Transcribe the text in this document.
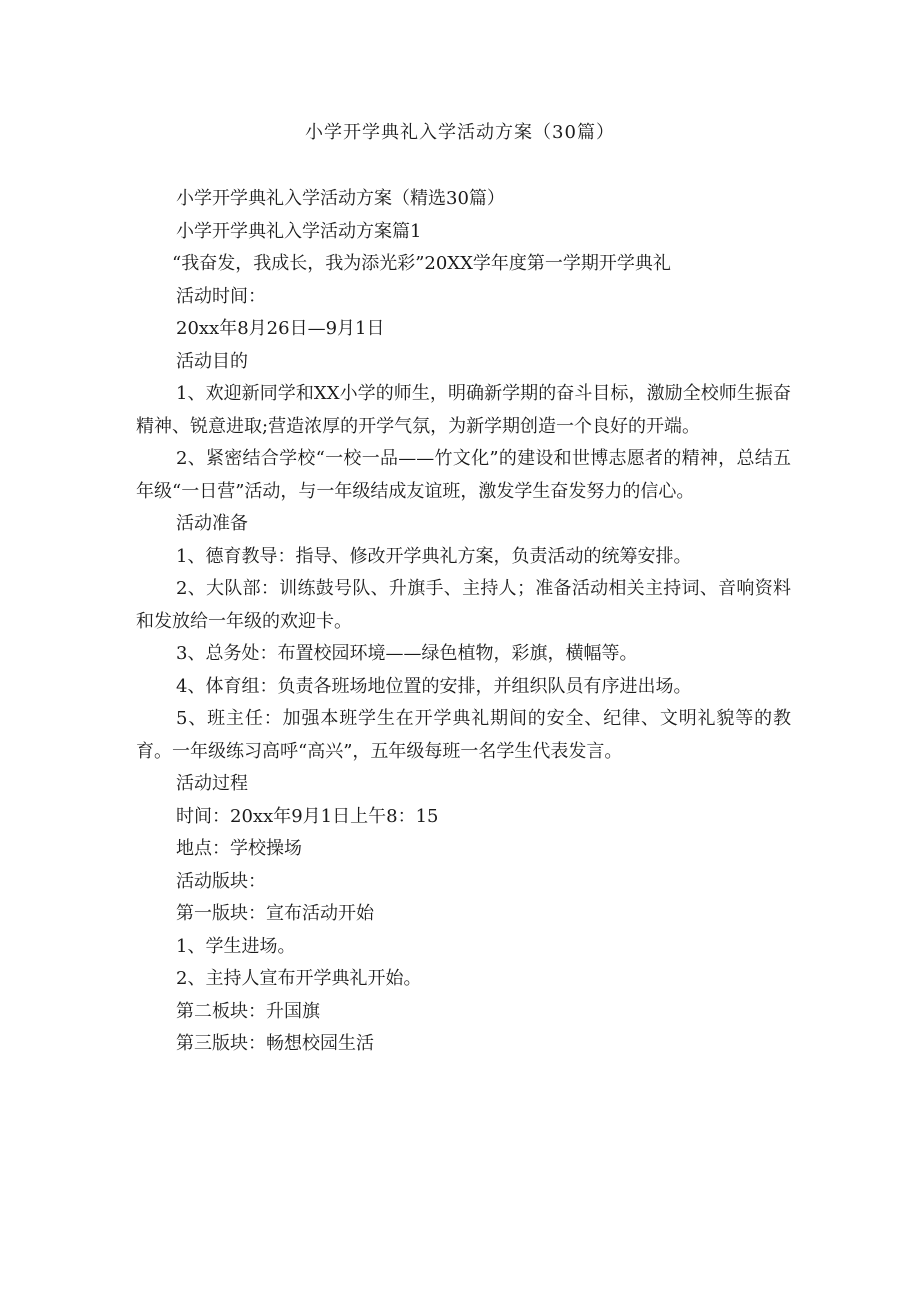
小学开学典礼入学活动方案（30篇）

小学开学典礼入学活动方案（精选30篇）

小学开学典礼入学活动方案篇1

“我奋发，我成长，我为添光彩”20XX学年度第一学期开学典礼

活动时间：

20xx年8月26日—9月1日

活动目的

1、欢迎新同学和XX小学的师生，明确新学期的奋斗目标，激励全校师生振奋精神、锐意进取;营造浓厚的开学气氛，为新学期创造一个良好的开端。

2、紧密结合学校“一校一品——竹文化”的建设和世博志愿者的精神，总结五年级“一日营”活动，与一年级结成友谊班，激发学生奋发努力的信心。

活动准备

1、德育教导：指导、修改开学典礼方案，负责活动的统筹安排。

2、大队部：训练鼓号队、升旗手、主持人；准备活动相关主持词、音响资料和发放给一年级的欢迎卡。

3、总务处：布置校园环境——绿色植物，彩旗，横幅等。

4、体育组：负责各班场地位置的安排，并组织队员有序进出场。

5、班主任：加强本班学生在开学典礼期间的安全、纪律、文明礼貌等的教育。一年级练习高呼“高兴”，五年级每班一名学生代表发言。

活动过程

时间：20xx年9月1日上午8：15

地点：学校操场

活动版块：

第一版块：宣布活动开始

1、学生进场。

2、主持人宣布开学典礼开始。

第二板块：升国旗

第三版块：畅想校园生活
